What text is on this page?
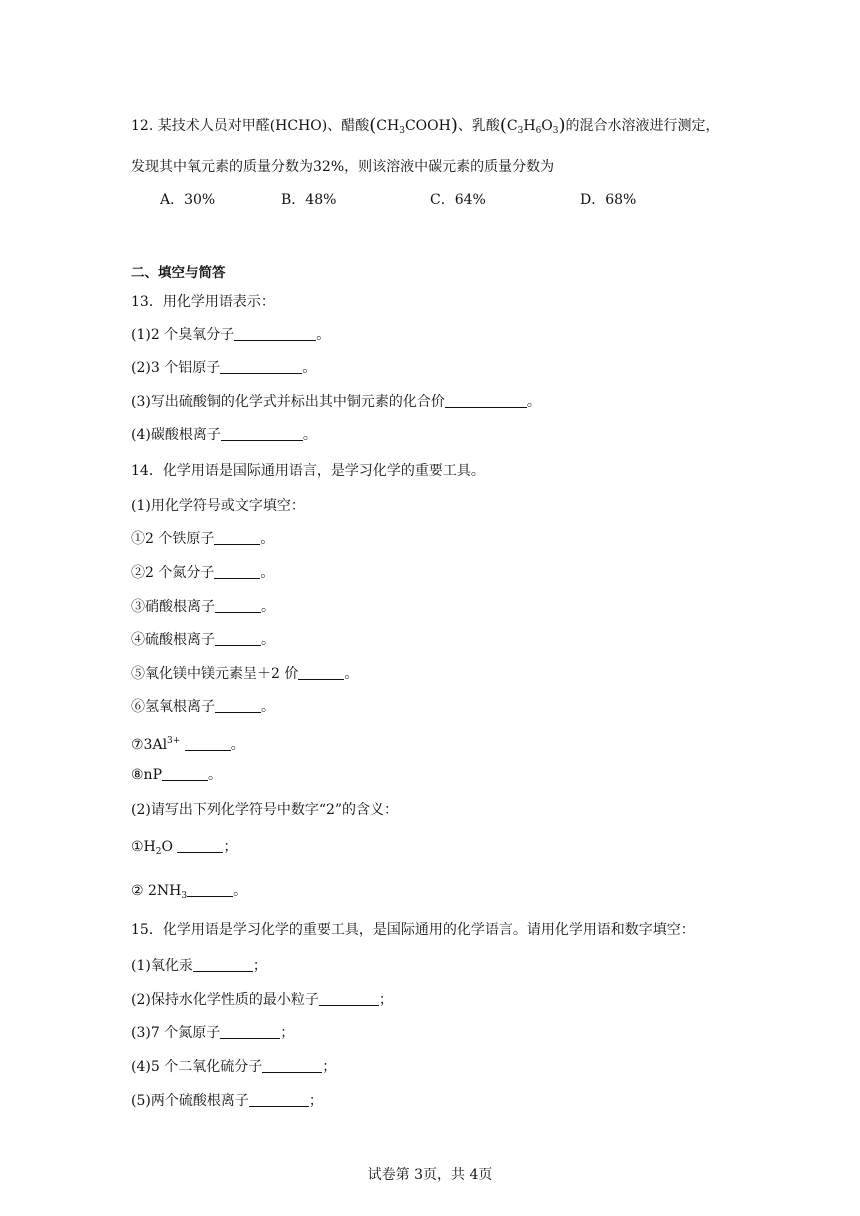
12. 某技术人员对甲醛(HCHO)、醋酸$(CH_3COOH)$、乳酸$(C_3H_6O_3)$的混合水溶液进行测定，
发现其中氧元素的质量分数为32%，则该溶液中碳元素的质量分数为
A．30%	B．48%	C．64%	D．68%
二、填空与简答
13．用化学用语表示：
(1)2 个臭氧分子	。
(2)3 个铝原子	。
(3)写出硫酸铜的化学式并标出其中铜元素的化合价	。
(4)碳酸根离子	。
14．化学用语是国际通用语言，是学习化学的重要工具。
(1)用化学符号或文字填空：
①2 个铁原子	。
②2 个氮分子	。
③硝酸根离子	。
④硫酸根离子	。
⑤氧化镁中镁元素呈＋2 价	。
⑥氢氧根离子	。
$⑦3Al^{3+}$	。
⑧nP	。
(2)请写出下列化学符号中数字“2”的含义：
$①H_2O$	；
② $2NH_3$	。
15．化学用语是学习化学的重要工具，是国际通用的化学语言。请用化学用语和数字填空：
(1)氧化汞	；
(2)保持水化学性质的最小粒子	；
(3)7 个氮原子	；
(4)5 个二氧化硫分子	；
(5)两个硫酸根离子	；
试卷第 3页，共 4页
